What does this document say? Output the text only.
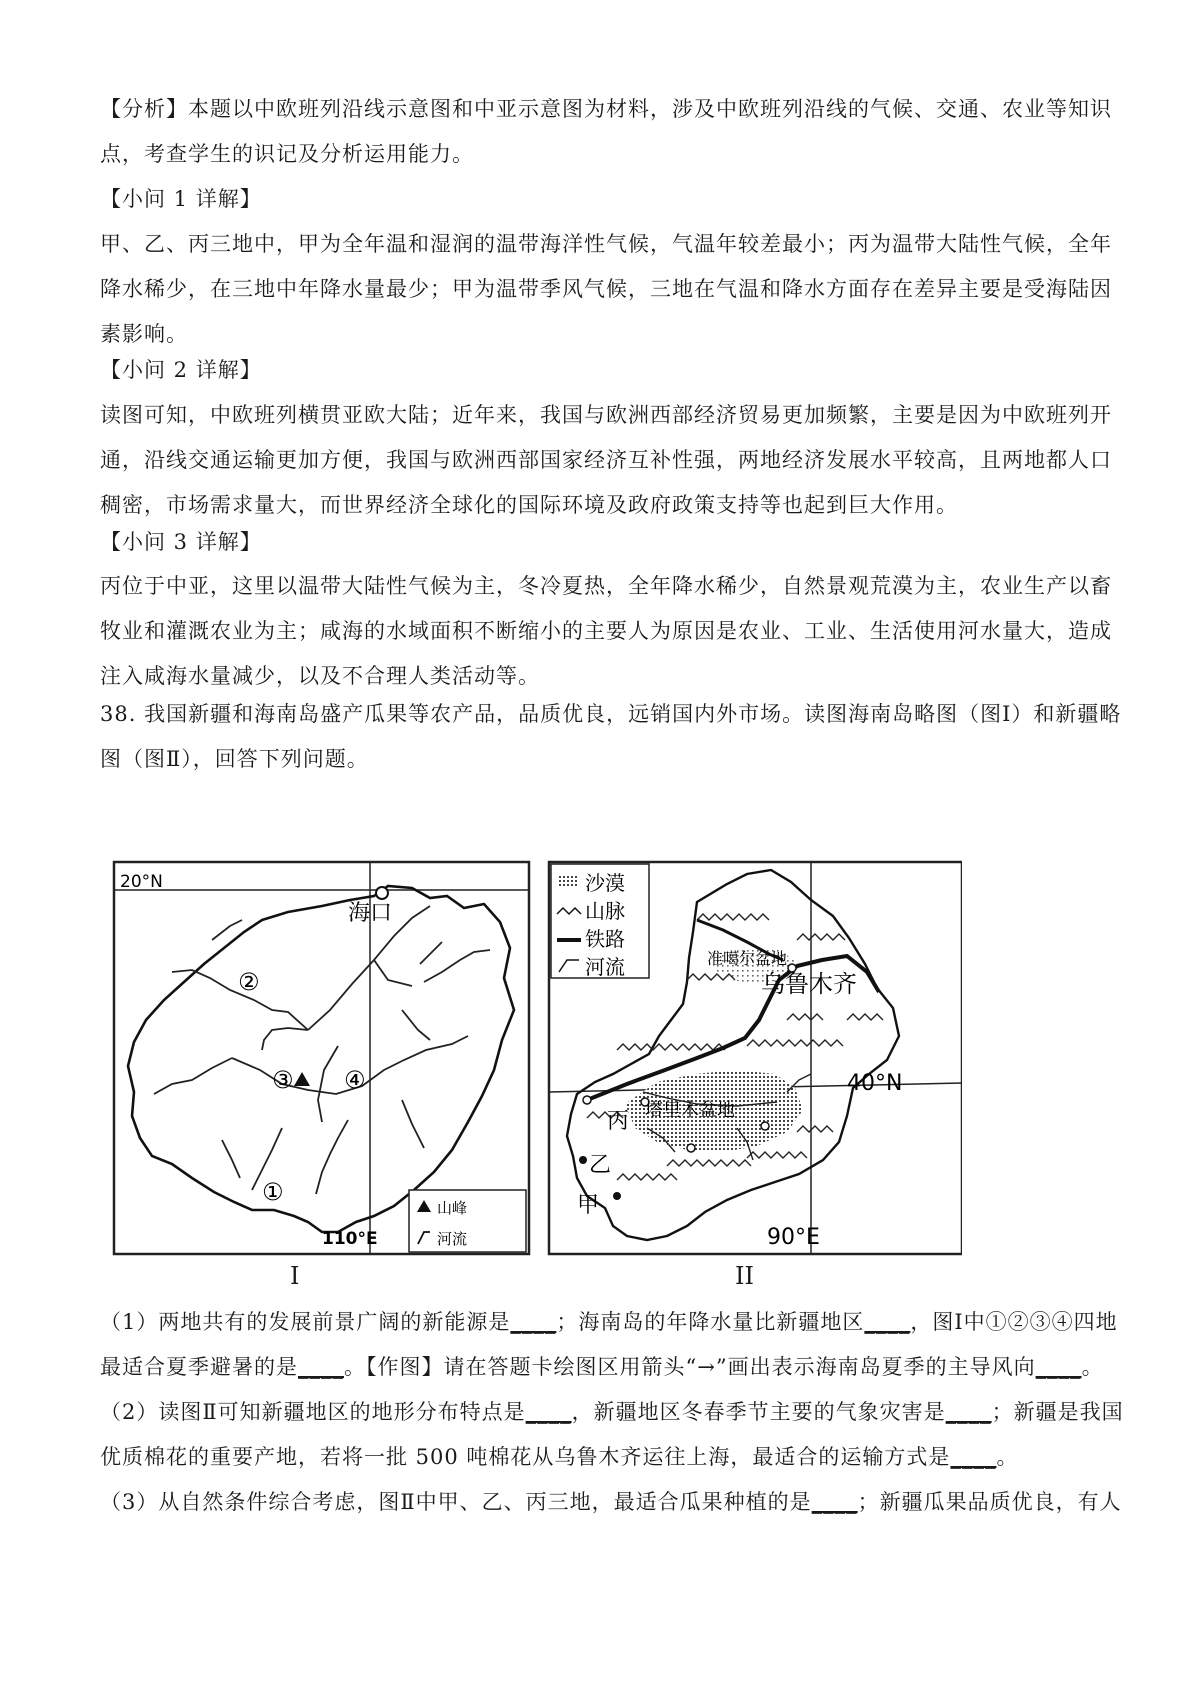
【分析】本题以中欧班列沿线示意图和中亚示意图为材料，涉及中欧班列沿线的气候、交通、农业等知识
点，考查学生的识记及分析运用能力。

【小问 1 详解】

甲、乙、丙三地中，甲为全年温和湿润的温带海洋性气候，气温年较差最小；丙为温带大陆性气候，全年
降水稀少，在三地中年降水量最少；甲为温带季风气候，三地在气温和降水方面存在差异主要是受海陆因
素影响。

【小问 2 详解】

读图可知，中欧班列横贯亚欧大陆；近年来，我国与欧洲西部经济贸易更加频繁，主要是因为中欧班列开
通，沿线交通运输更加方便，我国与欧洲西部国家经济互补性强，两地经济发展水平较高，且两地都人口
稠密，市场需求量大，而世界经济全球化的国际环境及政府政策支持等也起到巨大作用。

【小问 3 详解】

丙位于中亚，这里以温带大陆性气候为主，冬冷夏热，全年降水稀少，自然景观荒漠为主，农业生产以畜
牧业和灌溉农业为主；咸海的水域面积不断缩小的主要人为原因是农业、工业、生活使用河水量大，造成
注入咸海水量减少，以及不合理人类活动等。

38. 我国新疆和海南岛盛产瓜果等农产品，品质优良，远销国内外市场。读图海南岛略图（图Ⅰ）和新疆略
图（图Ⅱ），回答下列问题。

20°N
海口
②
③ ④
①
110°E
山峰
河流
准噶尔盆地
乌鲁木齐
40°N
塔里木盆地
丙
乙
甲
90°E
沙漠
山脉
铁路
河流
I	II

（1）两地共有的发展前景广阔的新能源是____；海南岛的年降水量比新疆地区____，图Ⅰ中①②③④四地
最适合夏季避暑的是____。【作图】请在答题卡绘图区用箭头“→”画出表示海南岛夏季的主导风向____。

（2）读图Ⅱ可知新疆地区的地形分布特点是____，新疆地区冬春季节主要的气象灾害是____；新疆是我国
优质棉花的重要产地，若将一批 500 吨棉花从乌鲁木齐运往上海，最适合的运输方式是____。

（3）从自然条件综合考虑，图Ⅱ中甲、乙、丙三地，最适合瓜果种植的是____；新疆瓜果品质优良，有人
